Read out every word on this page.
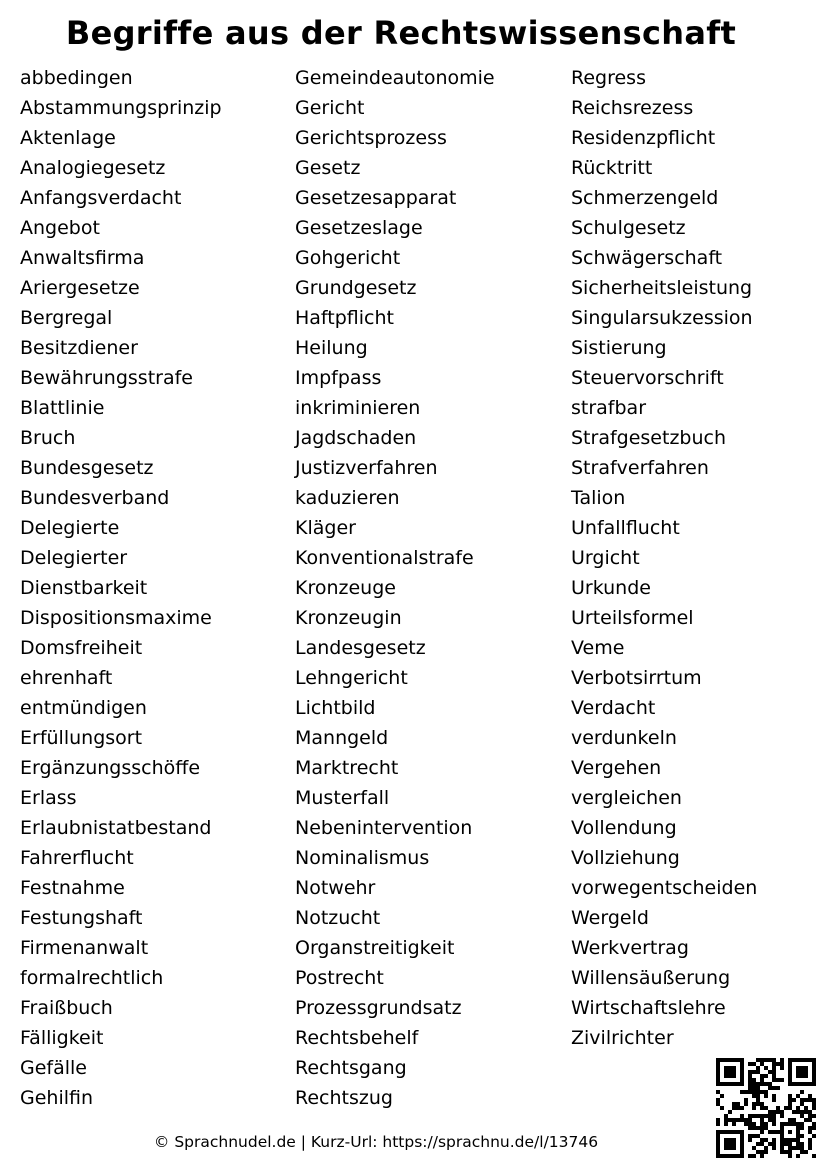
Begriffe aus der Rechtswissenschaft
abbedingen
Abstammungsprinzip
Aktenlage
Analogiegesetz
Anfangsverdacht
Angebot
Anwaltsfirma
Ariergesetze
Bergregal
Besitzdiener
Bewährungsstrafe
Blattlinie
Bruch
Bundesgesetz
Bundesverband
Delegierte
Delegierter
Dienstbarkeit
Dispositionsmaxime
Domsfreiheit
ehrenhaft
entmündigen
Erfüllungsort
Ergänzungsschöffe
Erlass
Erlaubnistatbestand
Fahrerflucht
Festnahme
Festungshaft
Firmenanwalt
formalrechtlich
Fraißbuch
Fälligkeit
Gefälle
Gehilfin
Gemeindeautonomie
Gericht
Gerichtsprozess
Gesetz
Gesetzesapparat
Gesetzeslage
Gohgericht
Grundgesetz
Haftpflicht
Heilung
Impfpass
inkriminieren
Jagdschaden
Justizverfahren
kaduzieren
Kläger
Konventionalstrafe
Kronzeuge
Kronzeugin
Landesgesetz
Lehngericht
Lichtbild
Manngeld
Marktrecht
Musterfall
Nebenintervention
Nominalismus
Notwehr
Notzucht
Organstreitigkeit
Postrecht
Prozessgrundsatz
Rechtsbehelf
Rechtsgang
Rechtszug
Regress
Reichsrezess
Residenzpflicht
Rücktritt
Schmerzengeld
Schulgesetz
Schwägerschaft
Sicherheitsleistung
Singularsukzession
Sistierung
Steuervorschrift
strafbar
Strafgesetzbuch
Strafverfahren
Talion
Unfallflucht
Urgicht
Urkunde
Urteilsformel
Veme
Verbotsirrtum
Verdacht
verdunkeln
Vergehen
vergleichen
Vollendung
Vollziehung
vorwegentscheiden
Wergeld
Werkvertrag
Willensäußerung
Wirtschaftslehre
Zivilrichter
© Sprachnudel.de | Kurz-Url: https://sprachnu.de/l/13746
